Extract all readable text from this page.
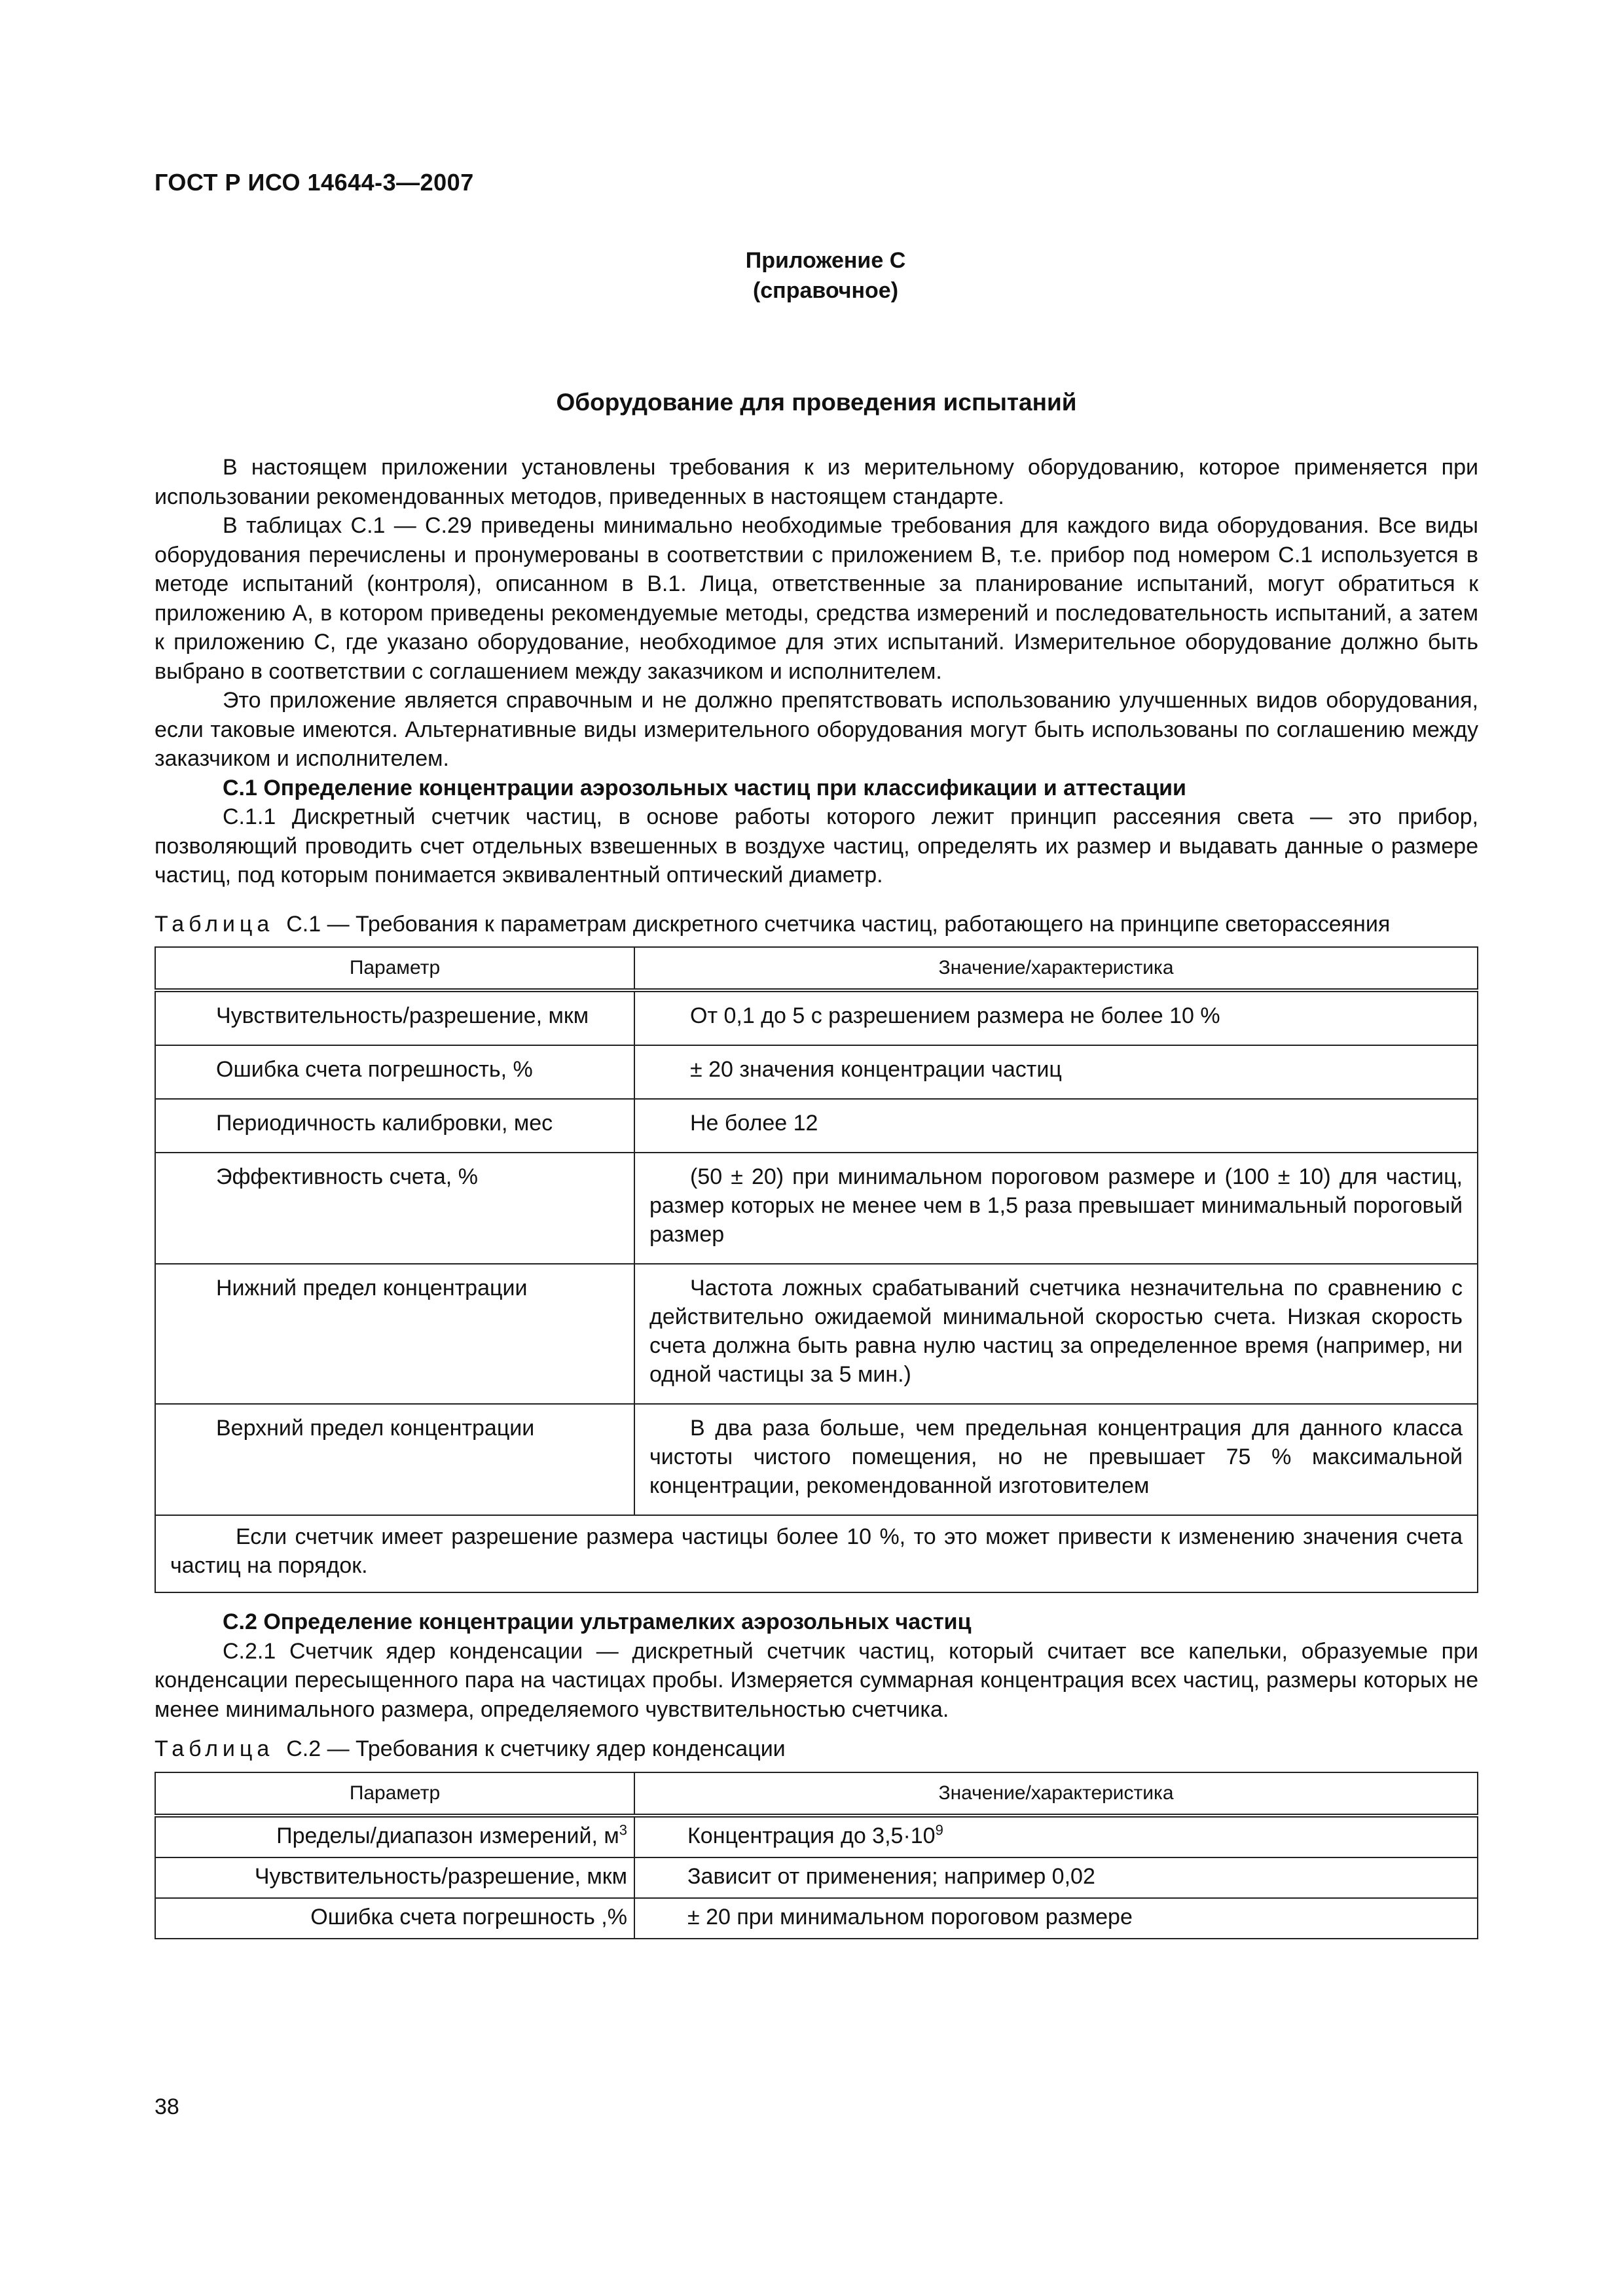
ГОСТ Р ИСО 14644-3—2007
Приложение С
(справочное)
Оборудование для проведения испытаний

В настоящем приложении установлены требования к из мерительному оборудованию, которое применяется при использовании рекомендованных методов, приведенных в настоящем стандарте.

В таблицах С.1 — С.29 приведены минимально необходимые требования для каждого вида оборудования. Все виды оборудования перечислены и пронумерованы в соответствии с приложением В, т.е. прибор под номером С.1 используется в методе испытаний (контроля), описанном в В.1. Лица, ответственные за планирование испытаний, могут обратиться к приложению А, в котором приведены рекомендуемые методы, средства измерений и последовательность испытаний, а затем к приложению С, где указано оборудование, необходимое для этих испытаний. Измерительное оборудование должно быть выбрано в соответствии с соглашением между заказчиком и исполнителем.

Это приложение является справочным и не должно препятствовать использованию улучшенных видов оборудования, если таковые имеются. Альтернативные виды измерительного оборудования могут быть использованы по соглашению между заказчиком и исполнителем.

С.1 Определение концентрации аэрозольных частиц при классификации и аттестации

С.1.1 Дискретный счетчик частиц, в основе работы которого лежит принцип рассеяния света — это прибор, позволяющий проводить счет отдельных взвешенных в воздухе частиц, определять их размер и выдавать данные о размере частиц, под которым понимается эквивалентный оптический диаметр.

Таблица С.1 — Требования к параметрам дискретного счетчика частиц, работающего на принципе светорассеяния

Параметр	Значение/характеристика
Чувствительность/разрешение, мкм	От 0,1 до 5 с разрешением размера не более 10 %
Ошибка счета погрешность, %	± 20 значения концентрации частиц
Периодичность калибровки, мес	Не более 12
Эффективность счета, %	(50 ± 20) при минимальном пороговом размере и (100 ± 10) для частиц, размер которых не менее чем в 1,5 раза превышает минимальный пороговый размер
Нижний предел концентрации	Частота ложных срабатываний счетчика незначительна по сравнению с действительно ожидаемой минимальной скоростью счета. Низкая скорость счета должна быть равна нулю частиц за определенное время (например, ни одной частицы за 5 мин.)
Верхний предел концентрации	В два раза больше, чем предельная концентрация для данного класса чистоты чистого помещения, но не превышает 75 % максимальной концентрации, рекомендованной изготовителем
Если счетчик имеет разрешение размера частицы более 10 %, то это может привести к изменению значения счета частиц на порядок.	

С.2 Определение концентрации ультрамелких аэрозольных частиц

С.2.1 Счетчик ядер конденсации — дискретный счетчик частиц, который считает все капельки, образуемые при конденсации пересыщенного пара на частицах пробы. Измеряется суммарная концентрация всех частиц, размеры которых не менее минимального размера, определяемого чувствительностью счетчика.

Таблица С.2 — Требования к счетчику ядер конденсации

Параметр	Значение/характеристика
Пределы/диапазон измерений, $м^3$	Концентрация до $3,5\cdot 10^9$
Чувствительность/разрешение, мкм	Зависит от применения; например 0,02
Ошибка счета погрешность ,%	± 20 при минимальном пороговом размере
38
